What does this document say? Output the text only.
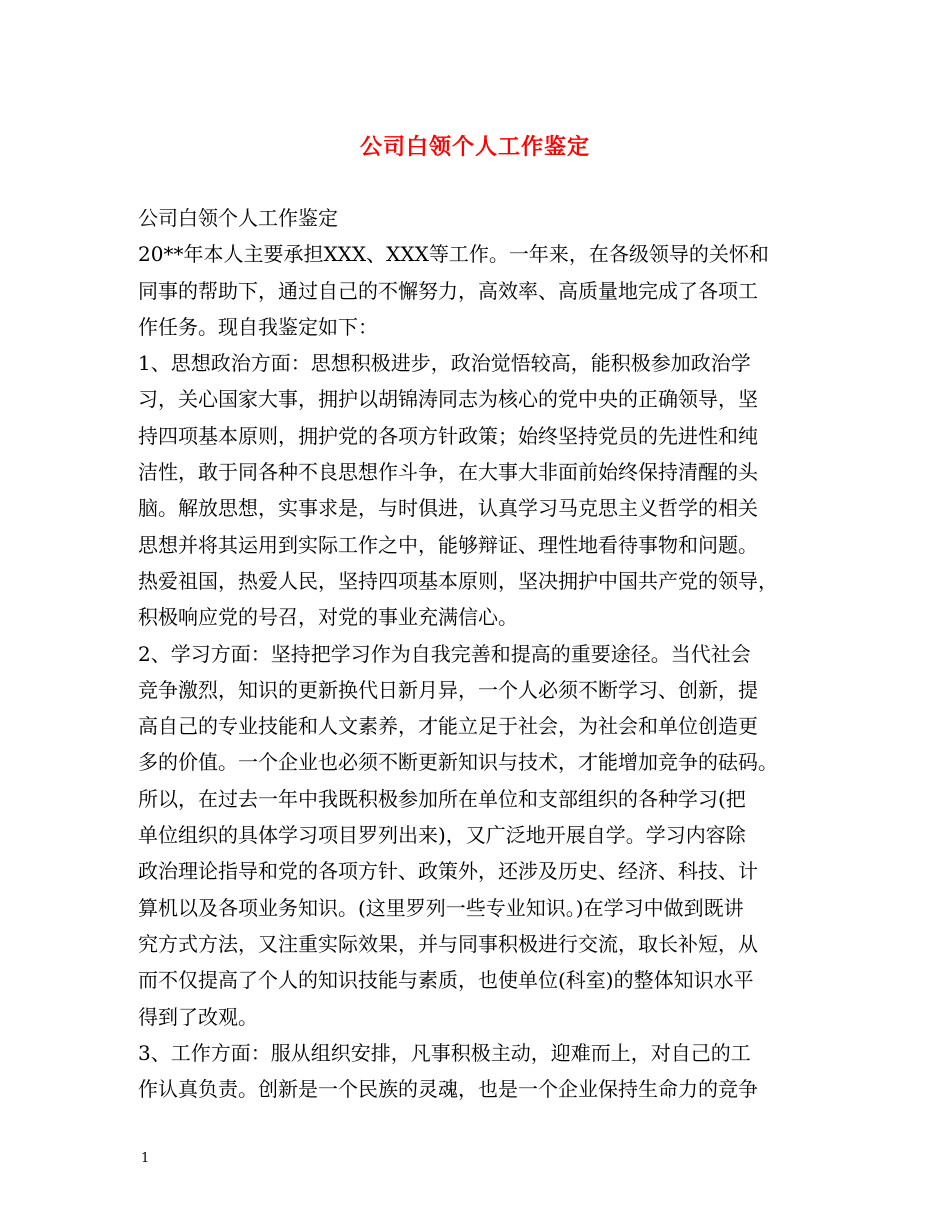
公司白领个人工作鉴定
公司白领个人工作鉴定
20**年本人主要承担XXX、XXX等工作。一年来，在各级领导的关怀和
同事的帮助下，通过自己的不懈努力，高效率、高质量地完成了各项工
作任务。现自我鉴定如下：
1、思想政治方面：思想积极进步，政治觉悟较高，能积极参加政治学
习，关心国家大事，拥护以胡锦涛同志为核心的党中央的正确领导，坚
持四项基本原则，拥护党的各项方针政策；始终坚持党员的先进性和纯
洁性，敢于同各种不良思想作斗争，在大事大非面前始终保持清醒的头
脑。解放思想，实事求是，与时俱进，认真学习马克思主义哲学的相关
思想并将其运用到实际工作之中，能够辩证、理性地看待事物和问题。
热爱祖国，热爱人民，坚持四项基本原则，坚决拥护中国共产党的领导，
积极响应党的号召，对党的事业充满信心。
2、学习方面：坚持把学习作为自我完善和提高的重要途径。当代社会
竞争激烈，知识的更新换代日新月异，一个人必须不断学习、创新，提
高自己的专业技能和人文素养，才能立足于社会，为社会和单位创造更
多的价值。一个企业也必须不断更新知识与技术，才能增加竞争的砝码。
所以，在过去一年中我既积极参加所在单位和支部组织的各种学习(把
单位组织的具体学习项目罗列出来)，又广泛地开展自学。学习内容除
政治理论指导和党的各项方针、政策外，还涉及历史、经济、科技、计
算机以及各项业务知识。(这里罗列一些专业知识。)在学习中做到既讲
究方式方法，又注重实际效果，并与同事积极进行交流，取长补短，从
而不仅提高了个人的知识技能与素质，也使单位(科室)的整体知识水平
得到了改观。
3、工作方面：服从组织安排，凡事积极主动，迎难而上，对自己的工
作认真负责。创新是一个民族的灵魂，也是一个企业保持生命力的竞争
1
